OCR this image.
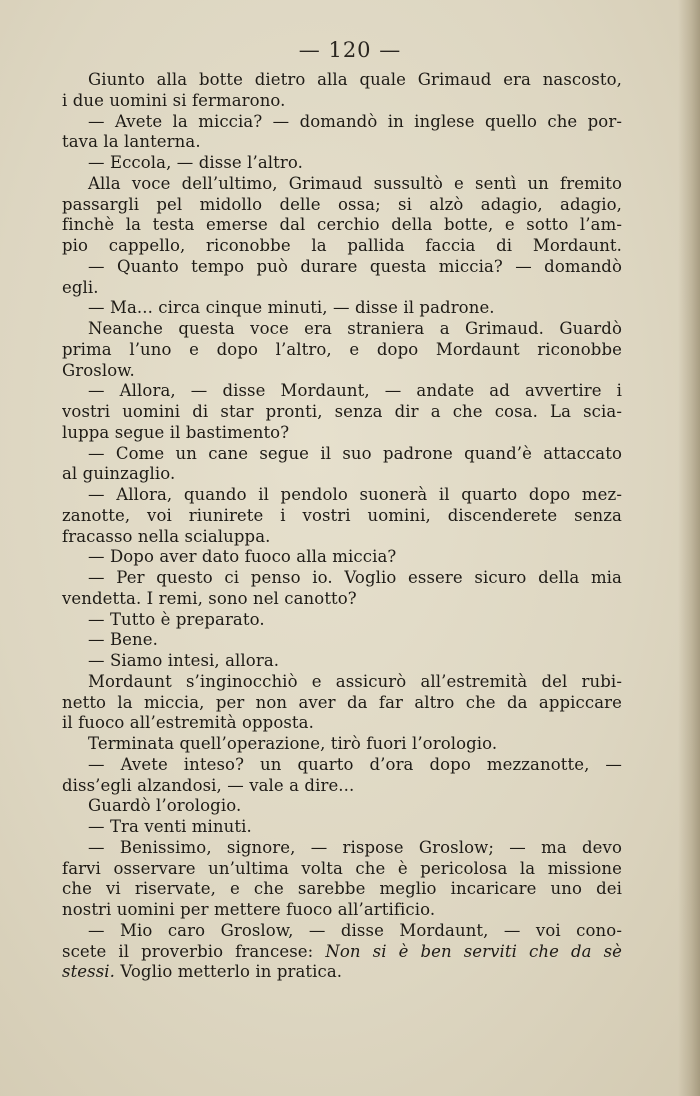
— 120 —
Giunto alla botte dietro alla quale Grimaud era nascosto,
i due uomini si fermarono.
— Avete la miccia? — domandò in inglese quello che por-
tava la lanterna.
— Eccola, — disse l’altro.
Alla voce dell’ultimo, Grimaud sussultò e sentì un fremito
passargli pel midollo delle ossa; si alzò adagio, adagio,
finchè la testa emerse dal cerchio della botte, e sotto l’am-
pio cappello, riconobbe la pallida faccia di Mordaunt.
— Quanto tempo può durare questa miccia? — domandò
egli.
— Ma... circa cinque minuti, — disse il padrone.
Neanche questa voce era straniera a Grimaud. Guardò
prima l’uno e dopo l’altro, e dopo Mordaunt riconobbe
Groslow.
— Allora, — disse Mordaunt, — andate ad avvertire i
vostri uomini di star pronti, senza dir a che cosa. La scia-
luppa segue il bastimento?
— Come un cane segue il suo padrone quand’è attaccato
al guinzaglio.
— Allora, quando il pendolo suonerà il quarto dopo mez-
zanotte, voi riunirete i vostri uomini, discenderete senza
fracasso nella scialuppa.
— Dopo aver dato fuoco alla miccia?
— Per questo ci penso io. Voglio essere sicuro della mia
vendetta. I remi, sono nel canotto?
— Tutto è preparato.
— Bene.
— Siamo intesi, allora.
Mordaunt s’inginocchiò e assicurò all’estremità del rubi-
netto la miccia, per non aver da far altro che da appiccare
il fuoco all’estremità opposta.
Terminata quell’operazione, tirò fuori l’orologio.
— Avete inteso? un quarto d’ora dopo mezzanotte, —
diss’egli alzandosi, — vale a dire...
Guardò l’orologio.
— Tra venti minuti.
— Benissimo, signore, — rispose Groslow; — ma devo
farvi osservare un’ultima volta che è pericolosa la missione
che vi riservate, e che sarebbe meglio incaricare uno dei
nostri uomini per mettere fuoco all’artificio.
— Mio caro Groslow, — disse Mordaunt, — voi cono-
scete il proverbio francese: Non si è ben serviti che da sè
stessi. Voglio metterlo in pratica.
